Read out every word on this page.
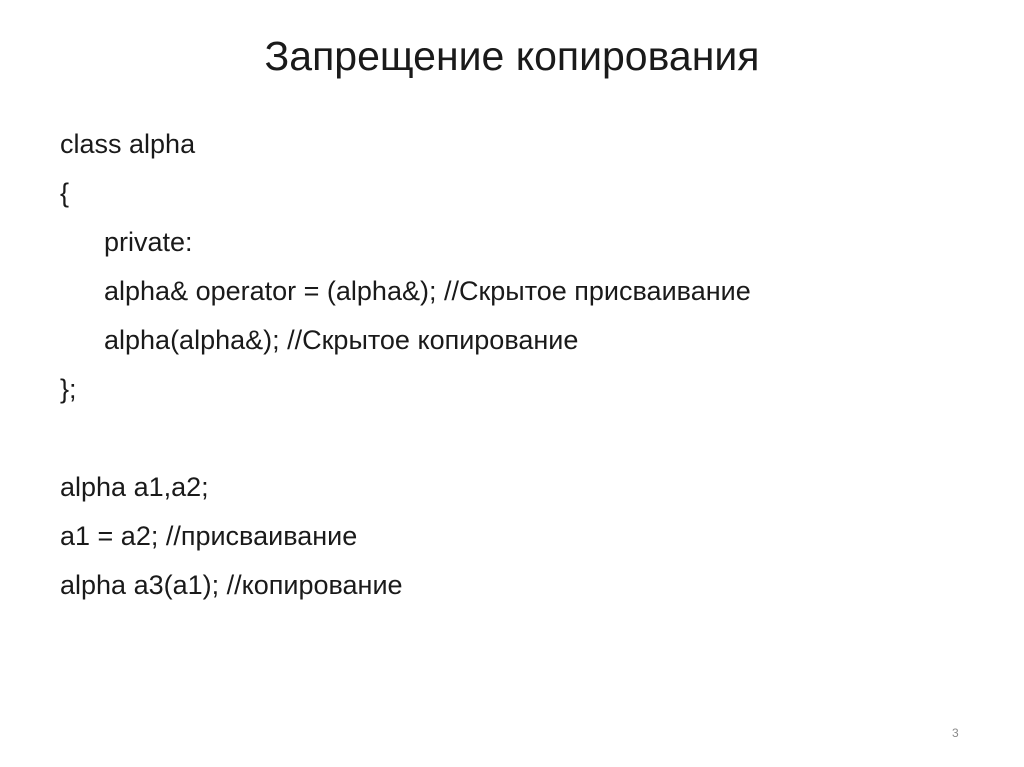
Запрещение копирования
class alpha
{
private:
alpha& operator = (alpha&); //Скрытое присваивание
alpha(alpha&); //Скрытое копирование
};
alpha a1,a2;
a1 = a2; //присваивание
alpha a3(a1); //копирование
3
